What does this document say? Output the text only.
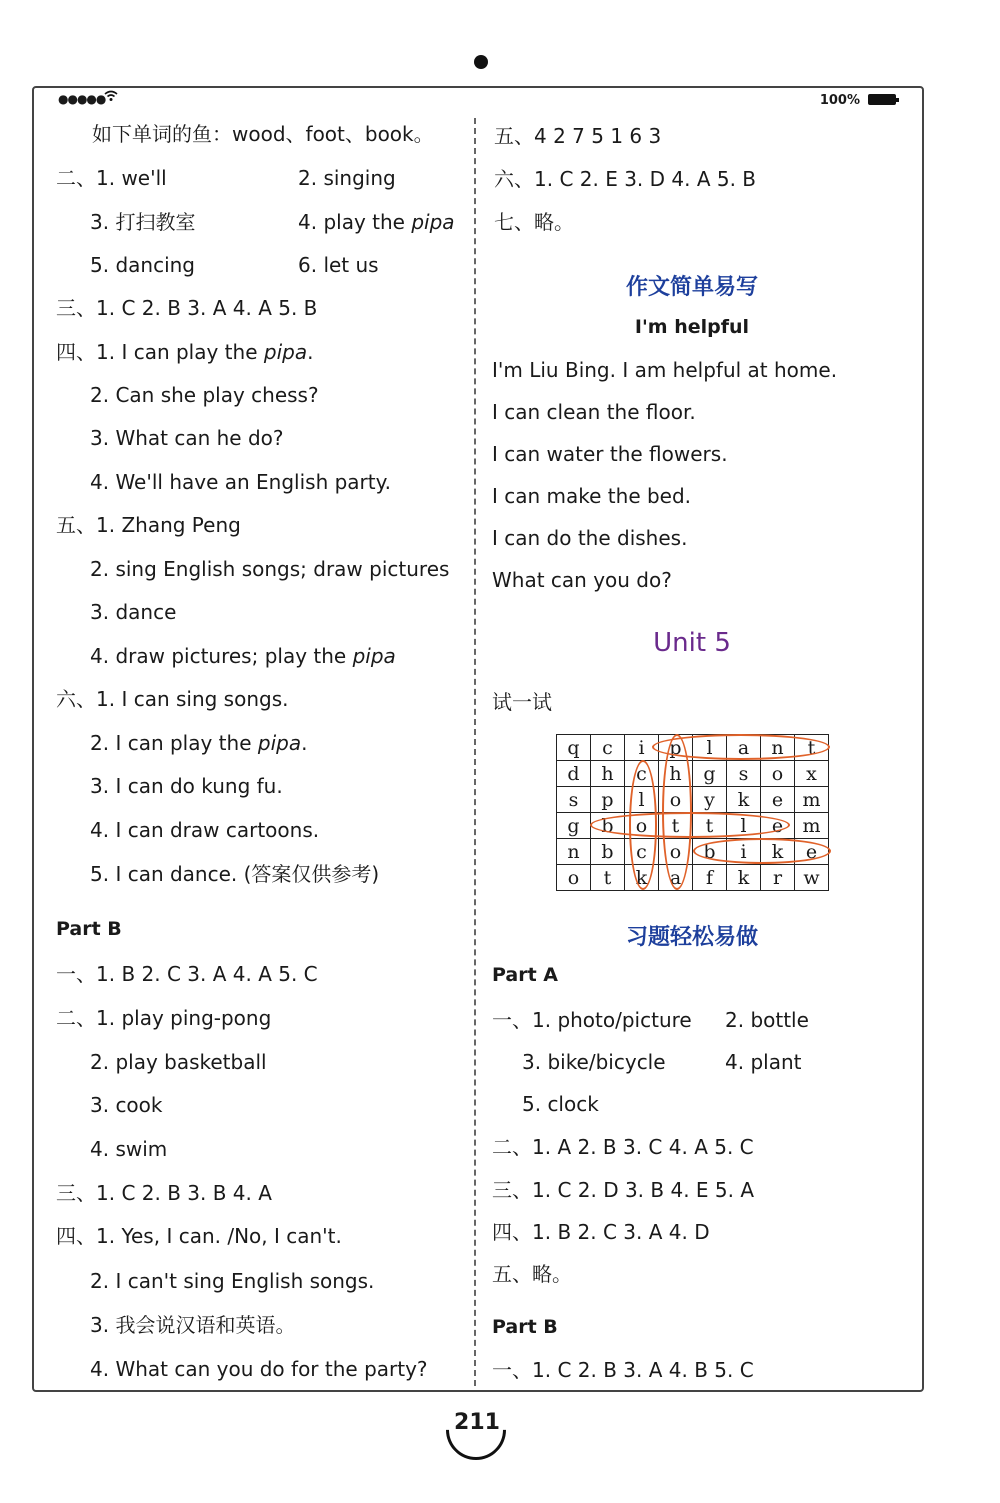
●●●●●	100%
如下单词的鱼：wood、foot、book。
二、1. we'll	2. singing
3. 打扫教室	4. play the pipa
5. dancing	6. let us
三、1. C 2. B 3. A 4. A 5. B
四、1. I can play the pipa.
2. Can she play chess?
3. What can he do?
4. We'll have an English party.
五、1. Zhang Peng
2. sing English songs; draw pictures
3. dance
4. draw pictures; play the pipa
六、1. I can sing songs.
2. I can play the pipa.
3. I can do kung fu.
4. I can draw cartoons.
5. I can dance. (答案仅供参考)
Part B
一、1. B 2. C 3. A 4. A 5. C
二、1. play ping-pong
2. play basketball
3. cook
4. swim
三、1. C 2. B 3. B 4. A
四、1. Yes, I can. /No, I can't.
2. I can't sing English songs.
3. 我会说汉语和英语。
4. What can you do for the party?
五、4 2 7 5 1 6 3
六、1. C 2. E 3. D 4. A 5. B
七、略。
作文简单易写
I'm helpful
I'm Liu Bing. I am helpful at home.
I can clean the floor.
I can water the flowers.
I can make the bed.
I can do the dishes.
What can you do?
Unit 5
试一试
习题轻松易做
Part A
一、1. photo/picture 2. bottle
3. bike/bicycle	4. plant
5. clock
二、1. A 2. B 3. C 4. A 5. C
三、1. C 2. D 3. B 4. E 5. A
四、1. B 2. C 3. A 4. D
五、略。
Part B
一、1. C 2. B 3. A 4. B 5. C
q	c	i	p	l	a	n	t
d	h	c	h	g	s	o	x
s	p	l	o	y	k	e	m
g	b	o	t	t	l	e	m
n	b	c	o	b	i	k	e
o	t	k	a	f	k	r	w
211
